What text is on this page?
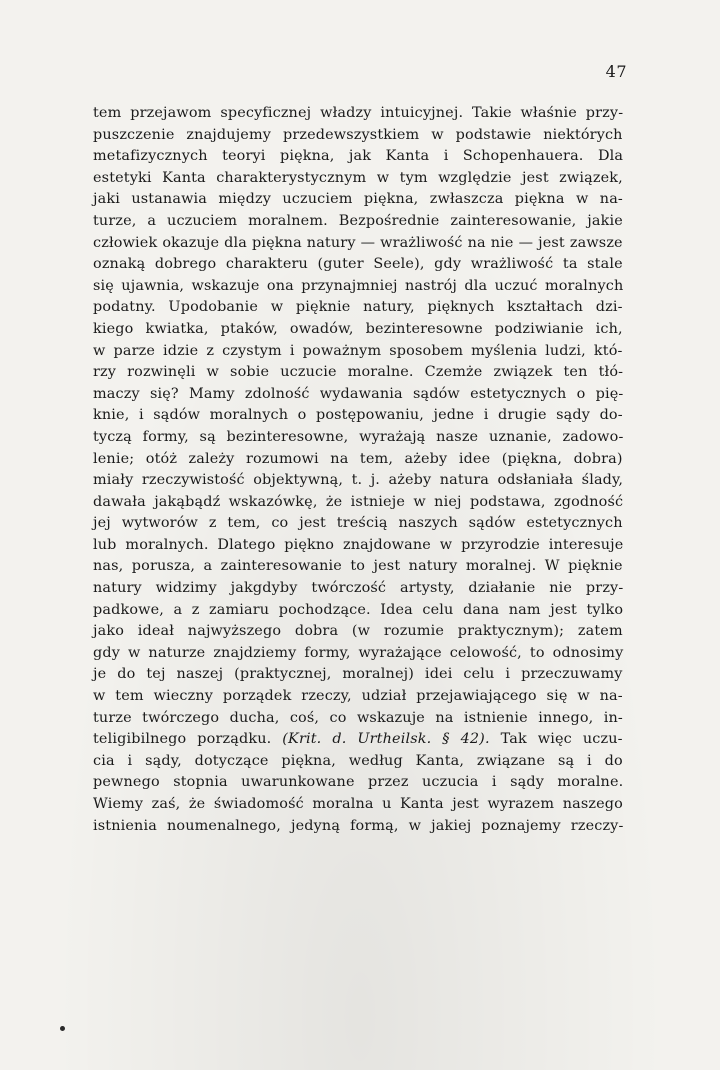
47
tem przejawom specyficznej władzy intuicyjnej. Takie właśnie przy-
puszczenie znajdujemy przedewszystkiem w podstawie niektórych
metafizycznych teoryi piękna, jak Kanta i Schopenhauera. Dla
estetyki Kanta charakterystycznym w tym względzie jest związek,
jaki ustanawia między uczuciem piękna, zwłaszcza piękna w na-
turze, a uczuciem moralnem. Bezpośrednie zainteresowanie, jakie
człowiek okazuje dla piękna natury — wrażliwość na nie — jest zawsze
oznaką dobrego charakteru (guter Seele), gdy wrażliwość ta stale
się ujawnia, wskazuje ona przynajmniej nastrój dla uczuć moralnych
podatny. Upodobanie w pięknie natury, pięknych kształtach dzi-
kiego kwiatka, ptaków, owadów, bezinteresowne podziwianie ich,
w parze idzie z czystym i poważnym sposobem myślenia ludzi, któ-
rzy rozwinęli w sobie uczucie moralne. Czemże związek ten tłó-
maczy się? Mamy zdolność wydawania sądów estetycznych o pię-
knie, i sądów moralnych o postępowaniu, jedne i drugie sądy do-
tyczą formy, są bezinteresowne, wyrażają nasze uznanie, zadowo-
lenie; otóż zależy rozumowi na tem, ażeby idee (piękna, dobra)
miały rzeczywistość objektywną, t. j. ażeby natura odsłaniała ślady,
dawała jakąbądź wskazówkę, że istnieje w niej podstawa, zgodność
jej wytworów z tem, co jest treścią naszych sądów estetycznych
lub moralnych. Dlatego piękno znajdowane w przyrodzie interesuje
nas, porusza, a zainteresowanie to jest natury moralnej. W pięknie
natury widzimy jakgdyby twórczość artysty, działanie nie przy-
padkowe, a z zamiaru pochodzące. Idea celu dana nam jest tylko
jako ideał najwyższego dobra (w rozumie praktycznym); zatem
gdy w naturze znajdziemy formy, wyrażające celowość, to odnosimy
je do tej naszej (praktycznej, moralnej) idei celu i przeczuwamy
w tem wieczny porządek rzeczy, udział przejawiającego się w na-
turze twórczego ducha, coś, co wskazuje na istnienie innego, in-
teligibilnego porządku. (Krit. d. Urtheilsk. § 42). Tak więc uczu-
cia i sądy, dotyczące piękna, według Kanta, związane są i do
pewnego stopnia uwarunkowane przez uczucia i sądy moralne.
Wiemy zaś, że świadomość moralna u Kanta jest wyrazem naszego
istnienia noumenalnego, jedyną formą, w jakiej poznajemy rzeczy-
